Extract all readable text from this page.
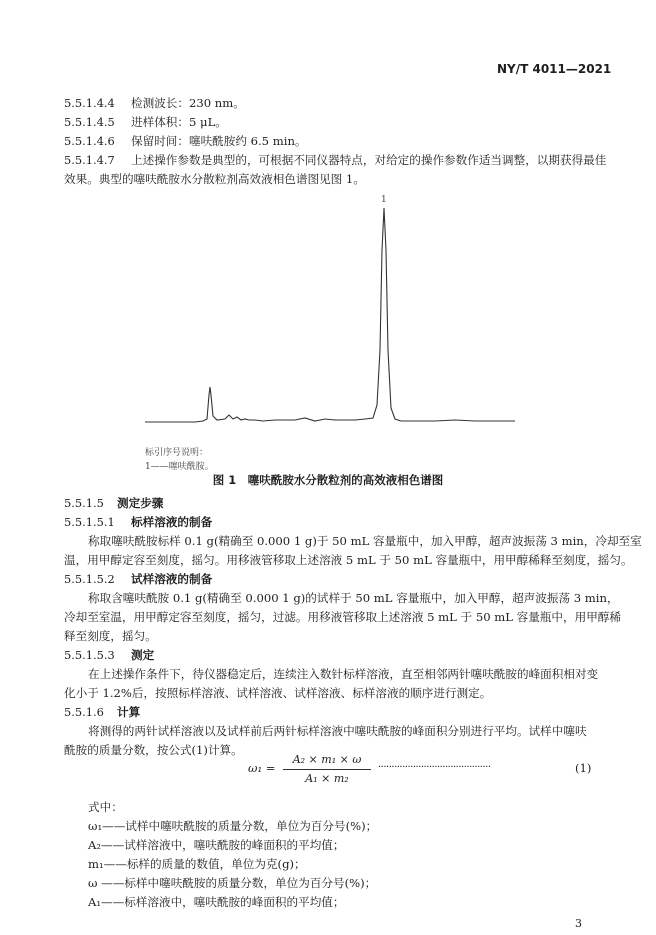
NY/T 4011—2021
5.5.1.4.4 检测波长：230 nm。
5.5.1.4.5 进样体积：5 μL。
5.5.1.4.6 保留时间：噻呋酰胺约 6.5 min。
5.5.1.4.7 上述操作参数是典型的，可根据不同仪器特点，对给定的操作参数作适当调整，以期获得最佳
效果。典型的噻呋酰胺水分散粒剂高效液相色谱图见图 1。
1
标引序号说明：
1——噻呋酰胺。
图 1　噻呋酰胺水分散粒剂的高效液相色谱图
5.5.1.5 测定步骤
5.5.1.5.1 标样溶液的制备
称取噻呋酰胺标样 0.1 g(精确至 0.000 1 g)于 50 mL 容量瓶中，加入甲醇，超声波振荡 3 min，冷却至室
温，用甲醇定容至刻度，摇匀。用移液管移取上述溶液 5 mL 于 50 mL 容量瓶中，用甲醇稀释至刻度，摇匀。
5.5.1.5.2 试样溶液的制备
称取含噻呋酰胺 0.1 g(精确至 0.000 1 g)的试样于 50 mL 容量瓶中，加入甲醇，超声波振荡 3 min，
冷却至室温，用甲醇定容至刻度，摇匀，过滤。用移液管移取上述溶液 5 mL 于 50 mL 容量瓶中，用甲醇稀
释至刻度，摇匀。
5.5.1.5.3 测定
在上述操作条件下，待仪器稳定后，连续注入数针标样溶液，直至相邻两针噻呋酰胺的峰面积相对变
化小于 1.2%后，按照标样溶液、试样溶液、试样溶液、标样溶液的顺序进行测定。
5.5.1.6 计算
将测得的两针试样溶液以及试样前后两针标样溶液中噻呋酰胺的峰面积分别进行平均。试样中噻呋
酰胺的质量分数，按公式(1)计算。
ω₁ =
A₂ × m₁ × ω
A₁ × m₂
··········································	(1)
式中：
ω₁——试样中噻呋酰胺的质量分数，单位为百分号(%)；
A₂——试样溶液中，噻呋酰胺的峰面积的平均值；
m₁——标样的质量的数值，单位为克(g)；
ω ——标样中噻呋酰胺的质量分数，单位为百分号(%)；
A₁——标样溶液中，噻呋酰胺的峰面积的平均值；
3
